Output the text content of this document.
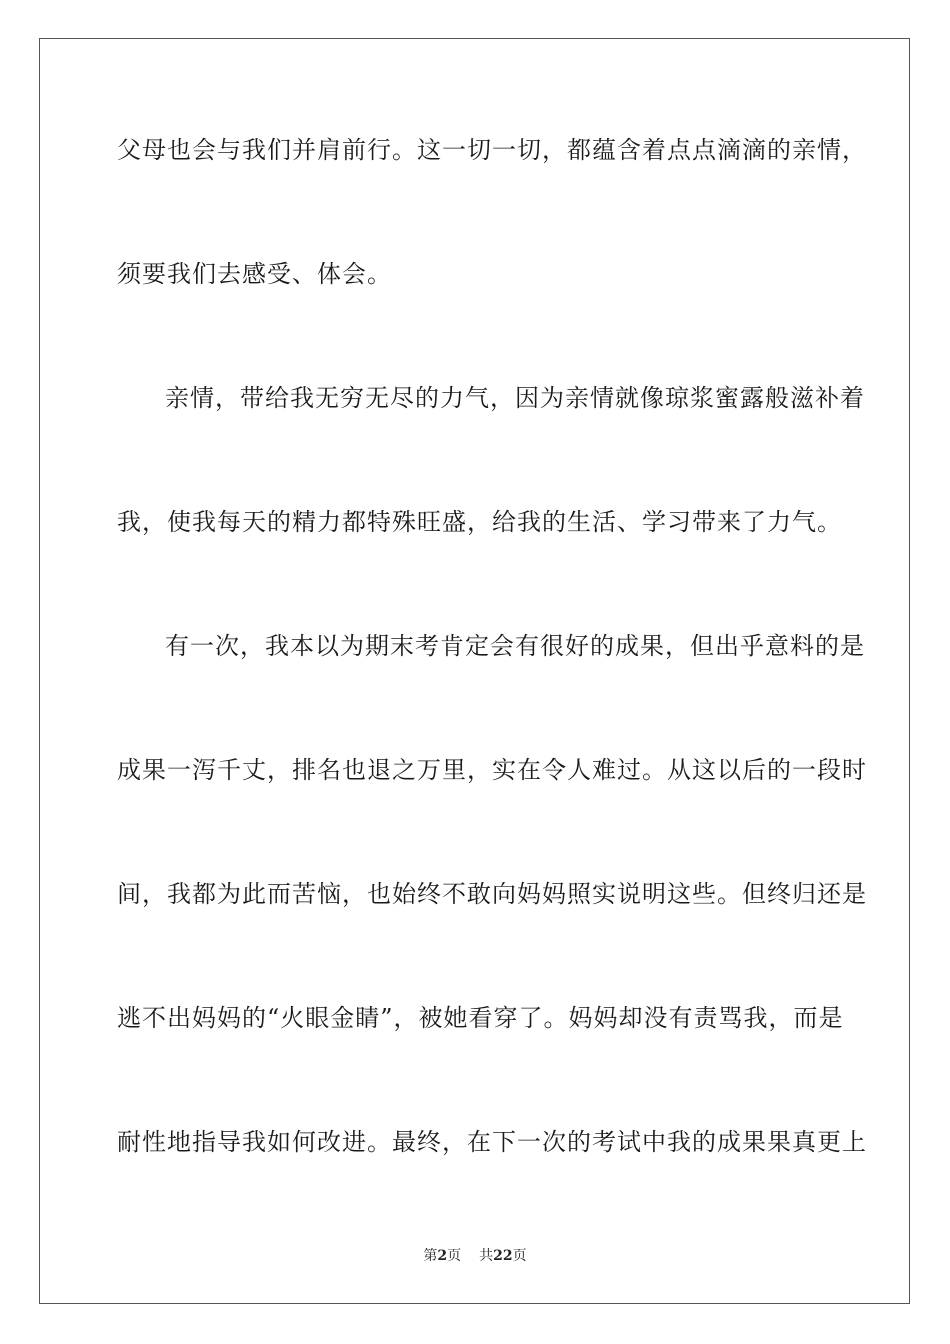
父母也会与我们并肩前行。这一切一切，都蕴含着点点滴滴的亲情，
须要我们去感受、体会。
亲情，带给我无穷无尽的力气，因为亲情就像琼浆蜜露般滋补着
我，使我每天的精力都特殊旺盛，给我的生活、学习带来了力气。
有一次，我本以为期末考肯定会有很好的成果，但出乎意料的是
成果一泻千丈，排名也退之万里，实在令人难过。从这以后的一段时
间，我都为此而苦恼，也始终不敢向妈妈照实说明这些。但终归还是
逃不出妈妈的“火眼金睛”，被她看穿了。妈妈却没有责骂我，而是
耐性地指导我如何改进。最终，在下一次的考试中我的成果果真更上
第2页 共22页
